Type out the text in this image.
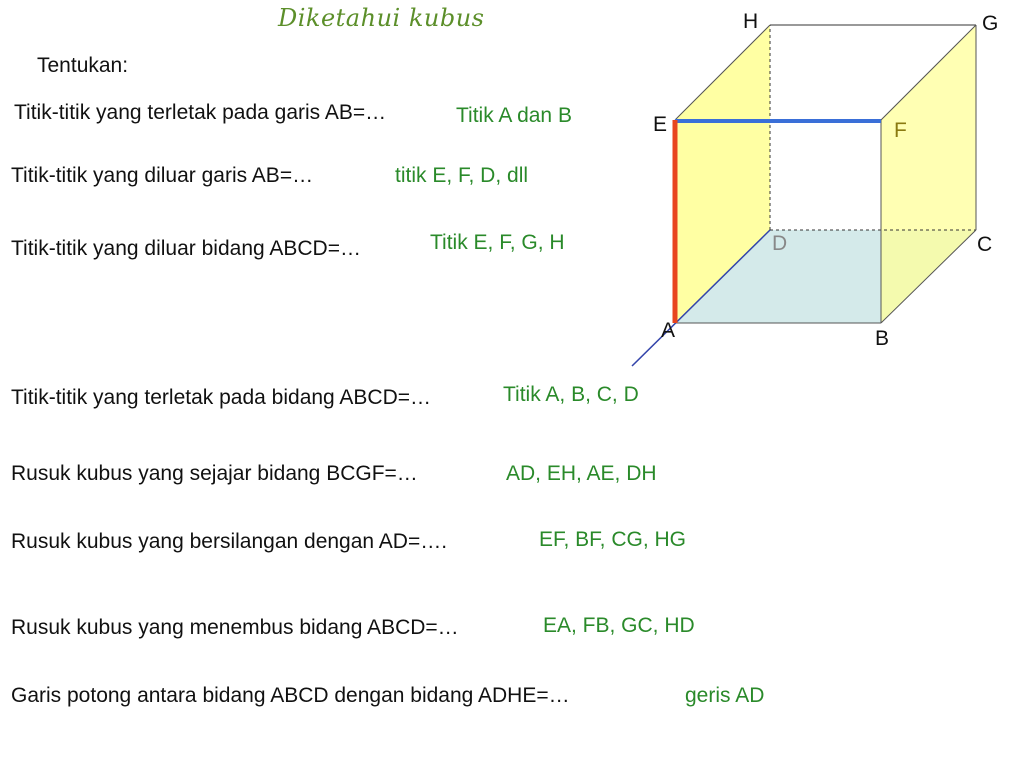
Diketahui kubus
Tentukan:
Titik-titik yang terletak pada garis AB=…	Titik A dan B
Titik-titik yang diluar garis AB=…	titik E, F, D, dll
Titik-titik yang diluar bidang ABCD=…	Titik E, F, G, H
Titik-titik yang terletak pada bidang ABCD=…	Titik A, B, C, D
Rusuk kubus yang sejajar bidang BCGF=…	AD, EH, AE, DH
Rusuk kubus yang bersilangan dengan AD=….	EF, BF, CG, HG
Rusuk kubus yang menembus bidang ABCD=…	EA, FB, GC, HD
Garis potong antara bidang ABCD dengan bidang ADHE=…	geris AD
H	G
E	F
D	C
A	B
